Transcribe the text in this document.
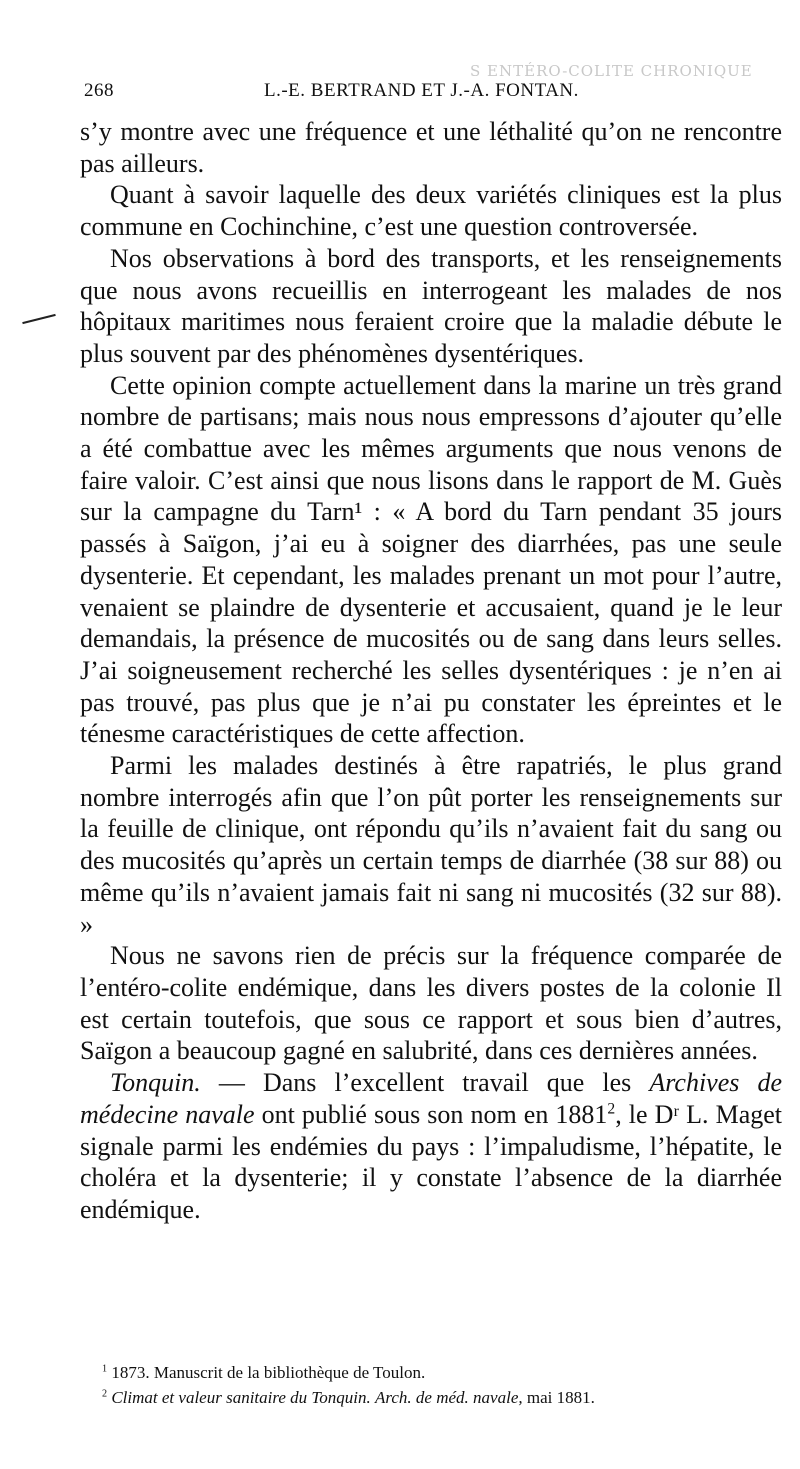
S ENTÉRO-COLITE CHRONIQUE
268	L.-E. BERTRAND ET J.-A. FONTAN.

s’y montre avec une fréquence et une léthalité qu’on ne rencontre pas ailleurs.

Quant à savoir laquelle des deux variétés cliniques est la plus commune en Cochinchine, c’est une question controversée.

Nos observations à bord des transports, et les renseignements que nous avons recueillis en interrogeant les malades de nos hôpitaux maritimes nous feraient croire que la maladie débute le plus souvent par des phénomènes dysentériques.

Cette opinion compte actuellement dans la marine un très grand nombre de partisans; mais nous nous empressons d’ajouter qu’elle a été combattue avec les mêmes arguments que nous venons de faire valoir. C’est ainsi que nous lisons dans le rapport de M. Guès sur la campagne du Tarn¹ : « A bord du Tarn pendant 35 jours passés à Saïgon, j’ai eu à soigner des diarrhées, pas une seule dysenterie. Et cependant, les malades prenant un mot pour l’autre, venaient se plaindre de dysenterie et accusaient, quand je le leur demandais, la présence de mucosités ou de sang dans leurs selles. J’ai soigneusement recherché les selles dysentériques : je n’en ai pas trouvé, pas plus que je n’ai pu constater les épreintes et le ténesme caractéristiques de cette affection.

Parmi les malades destinés à être rapatriés, le plus grand nombre interrogés afin que l’on pût porter les renseignements sur la feuille de clinique, ont répondu qu’ils n’avaient fait du sang ou des mucosités qu’après un certain temps de diarrhée (38 sur 88) ou même qu’ils n’avaient jamais fait ni sang ni mucosités (32 sur 88). »

Nous ne savons rien de précis sur la fréquence comparée de l’entéro-colite endémique, dans les divers postes de la colonie Il est certain toutefois, que sous ce rapport et sous bien d’autres, Saïgon a beaucoup gagné en salubrité, dans ces dernières années.

Tonquin. — Dans l’excellent travail que les Archives de médecine navale ont publié sous son nom en 1881$^2$, le Dʳ L. Maget signale parmi les endémies du pays : l’impaludisme, l’hépatite, le choléra et la dysenterie; il y constate l’absence de la diarrhée endémique.

$^1$ 1873. Manuscrit de la bibliothèque de Toulon.

$^2$ Climat et valeur sanitaire du Tonquin. Arch. de méd. navale, mai 1881.
